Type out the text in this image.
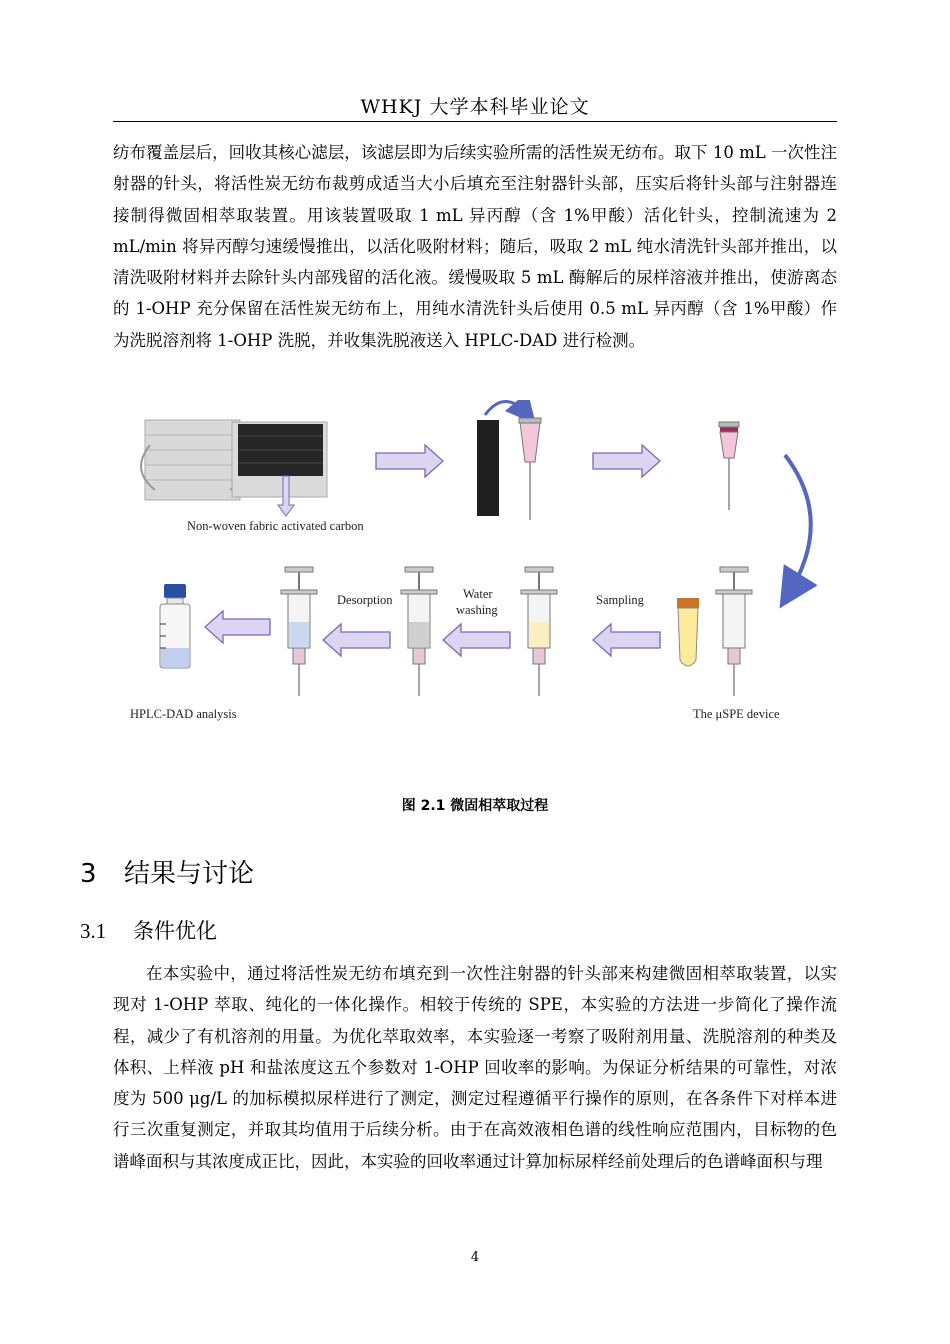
WHKJ 大学本科毕业论文

纺布覆盖层后，回收其核心滤层，该滤层即为后续实验所需的活性炭无纺布。取下 10 mL 一次性注射器的针头，将活性炭无纺布裁剪成适当大小后填充至注射器针头部，压实后将针头部与注射器连接制得微固相萃取装置。用该装置吸取 1 mL 异丙醇（含 1%甲酸）活化针头，控制流速为 2 mL/min 将异丙醇匀速缓慢推出，以活化吸附材料；随后，吸取 2 mL 纯水清洗针头部并推出，以清洗吸附材料并去除针头内部残留的活化液。缓慢吸取 5 mL 酶解后的尿样溶液并推出，使游离态的 1-OHP 充分保留在活性炭无纺布上，用纯水清洗针头后使用 0.5 mL 异丙醇（含 1%甲酸）作为洗脱溶剂将 1-OHP 洗脱，并收集洗脱液送入 HPLC-DAD 进行检测。

Non-woven fabric activated carbon
Sampling
Water
washing
Desorption
HPLC-DAD analysis	The μSPE device
图 2.1 微固相萃取过程
3 结果与讨论
3.1 条件优化

在本实验中，通过将活性炭无纺布填充到一次性注射器的针头部来构建微固相萃取装置，以实现对 1-OHP 萃取、纯化的一体化操作。相较于传统的 SPE，本实验的方法进一步简化了操作流程，减少了有机溶剂的用量。为优化萃取效率，本实验逐一考察了吸附剂用量、洗脱溶剂的种类及体积、上样液 pH 和盐浓度这五个参数对 1-OHP 回收率的影响。为保证分析结果的可靠性，对浓度为 500 μg/L 的加标模拟尿样进行了测定，测定过程遵循平行操作的原则，在各条件下对样本进行三次重复测定，并取其均值用于后续分析。由于在高效液相色谱的线性响应范围内，目标物的色谱峰面积与其浓度成正比，因此，本实验的回收率通过计算加标尿样经前处理后的色谱峰面积与理

4
